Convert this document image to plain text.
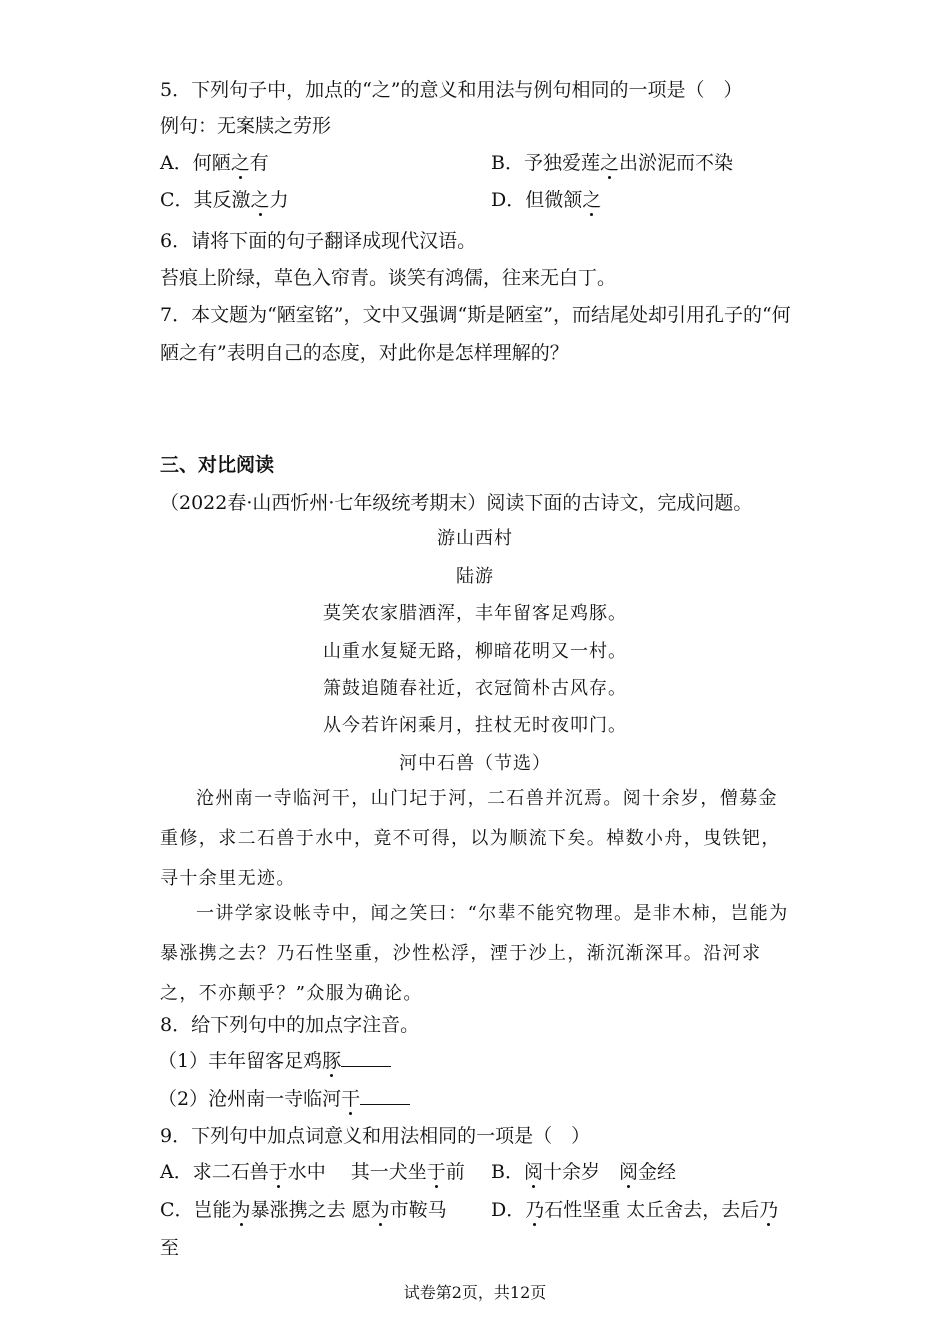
5．下列句子中，加点的“之”的意义和用法与例句相同的一项是（　）
例句：无案牍之劳形
A．何陋之有	B．予独爱莲之出淤泥而不染
C．其反激之力	D．但微颔之
6．请将下面的句子翻译成现代汉语。
苔痕上阶绿，草色入帘青。谈笑有鸿儒，往来无白丁。
7．本文题为“陋室铭”，文中又强调“斯是陋室”，而结尾处却引用孔子的“何
陋之有”表明自己的态度，对此你是怎样理解的？
三、对比阅读
（2022春·山西忻州·七年级统考期末）阅读下面的古诗文，完成问题。
游山西村
陆游
莫笑农家腊酒浑，丰年留客足鸡豚。
山重水复疑无路，柳暗花明又一村。
箫鼓追随春社近，衣冠简朴古风存。
从今若许闲乘月，拄杖无时夜叩门。
河中石兽（节选）
沧州南一寺临河干，山门圮于河，二石兽并沉焉。阅十余岁，僧募金重修，求二石兽于水中，竟不可得，以为顺流下矣。棹数小舟，曳铁钯，寻十余里无迹。
一讲学家设帐寺中，闻之笑曰：“尔辈不能究物理。是非木柿，岂能为暴涨携之去？乃石性坚重，沙性松浮，湮于沙上，渐沉渐深耳。沿河求之，不亦颠乎？”众服为确论。
8．给下列句中的加点字注音。
（1）丰年留客足鸡豚
（2）沧州南一寺临河干
9．下列句中加点词意义和用法相同的一项是（　）
A．求二石兽于水中　 其一犬坐于前 B．阅十余岁　阅金经
C．岂能为暴涨携之去 愿为市鞍马 D．乃石性坚重 太丘舍去，去后乃
至
试卷第2页，共12页
